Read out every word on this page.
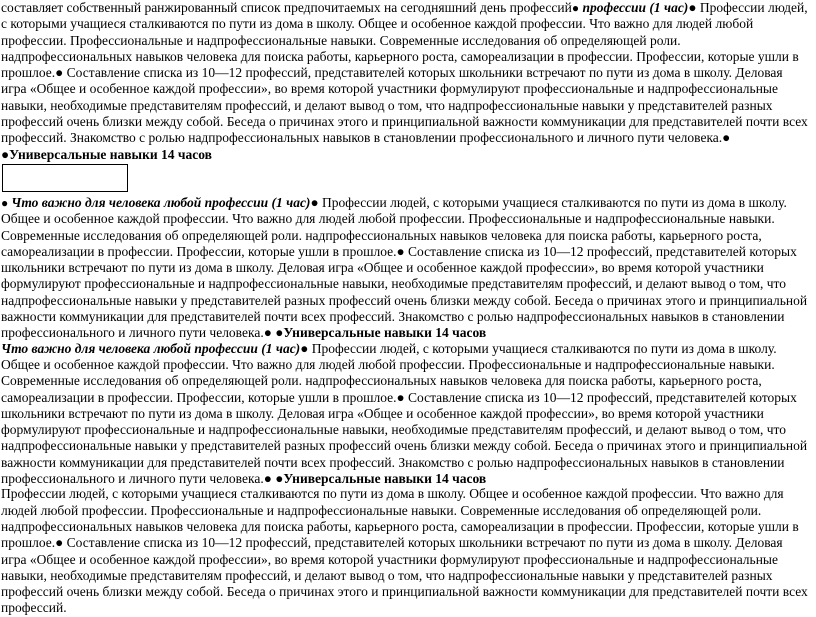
составляет собственный ранжированный список предпочитаемых на сегодняшний день профессий● профессии (1 час)● Профессии людей, с которыми учащиеся сталкиваются по пути из дома в школу. Общее и особенное каждой профессии. Что важно для людей любой профессии. Профессиональные и надпрофессиональные навыки. Современные исследования об определяющей роли. надпрофессиональных навыков человека для поиска работы, карьерного роста, самореализации в профессии. Профессии, которые ушли в прошлое.● Составление списка из 10—12 профессий, представителей которых школьники встречают по пути из дома в школу. Деловая игра «Общее и особенное каждой профессии», во время которой участники формулируют профессиональные и надпрофессиональные навыки, необходимые представителям профессий, и делают вывод о том, что надпрофессиональные навыки у представителей разных профессий очень близки между собой. Беседа о причинах этого и принципиальной важности коммуникации для представителей почти всех профессий. Знакомство с ролью надпрофессиональных навыков в становлении профессионального и личного пути человека.● ●Универсальные навыки 14 часов

● Что важно для человека любой профессии (1 час)● Профессии людей, с которыми учащиеся сталкиваются по пути из дома в школу. Общее и особенное каждой профессии. Что важно для людей любой профессии. Профессиональные и надпрофессиональные навыки. Современные исследования об определяющей роли. надпрофессиональных навыков человека для поиска работы, карьерного роста, самореализации в профессии. Профессии, которые ушли в прошлое.● Составление списка из 10—12 профессий, представителей которых школьники встречают по пути из дома в школу. Деловая игра «Общее и особенное каждой профессии», во время которой участники формулируют профессиональные и надпрофессиональные навыки, необходимые представителям профессий, и делают вывод о том, что надпрофессиональные навыки у представителей разных профессий очень близки между собой. Беседа о причинах этого и принципиальной важности коммуникации для представителей почти всех профессий. Знакомство с ролью надпрофессиональных навыков в становлении профессионального и личного пути человека.● ●Универсальные навыки 14 часов

Что важно для человека любой профессии (1 час)● Профессии людей, с которыми учащиеся сталкиваются по пути из дома в школу. Общее и особенное каждой профессии. Что важно для людей любой профессии. Профессиональные и надпрофессиональные навыки. Современные исследования об определяющей роли. надпрофессиональных навыков человека для поиска работы, карьерного роста, самореализации в профессии. Профессии, которые ушли в прошлое.● Составление списка из 10—12 профессий, представителей которых школьники встречают по пути из дома в школу. Деловая игра «Общее и особенное каждой профессии», во время которой участники формулируют профессиональные и надпрофессиональные навыки, необходимые представителям профессий, и делают вывод о том, что надпрофессиональные навыки у представителей разных профессий очень близки между собой. Беседа о причинах этого и принципиальной важности коммуникации для представителей почти всех профессий. Знакомство с ролью надпрофессиональных навыков в становлении профессионального и личного пути человека.● ●Универсальные навыки 14 часов

Профессии людей, с которыми учащиеся сталкиваются по пути из дома в школу. Общее и особенное каждой профессии. Что важно для людей любой профессии. Профессиональные и надпрофессиональные навыки. Современные исследования об определяющей роли. надпрофессиональных навыков человека для поиска работы, карьерного роста, самореализации в профессии. Профессии, которые ушли в прошлое.● Составление списка из 10—12 профессий, представителей которых школьники встречают по пути из дома в школу. Деловая игра «Общее и особенное каждой профессии», во время которой участники формулируют профессиональные и надпрофессиональные навыки, необходимые представителям профессий, и делают вывод о том, что надпрофессиональные навыки у представителей разных профессий очень близки между собой. Беседа о причинах этого и принципиальной важности коммуникации для представителей почти всех профессий.
